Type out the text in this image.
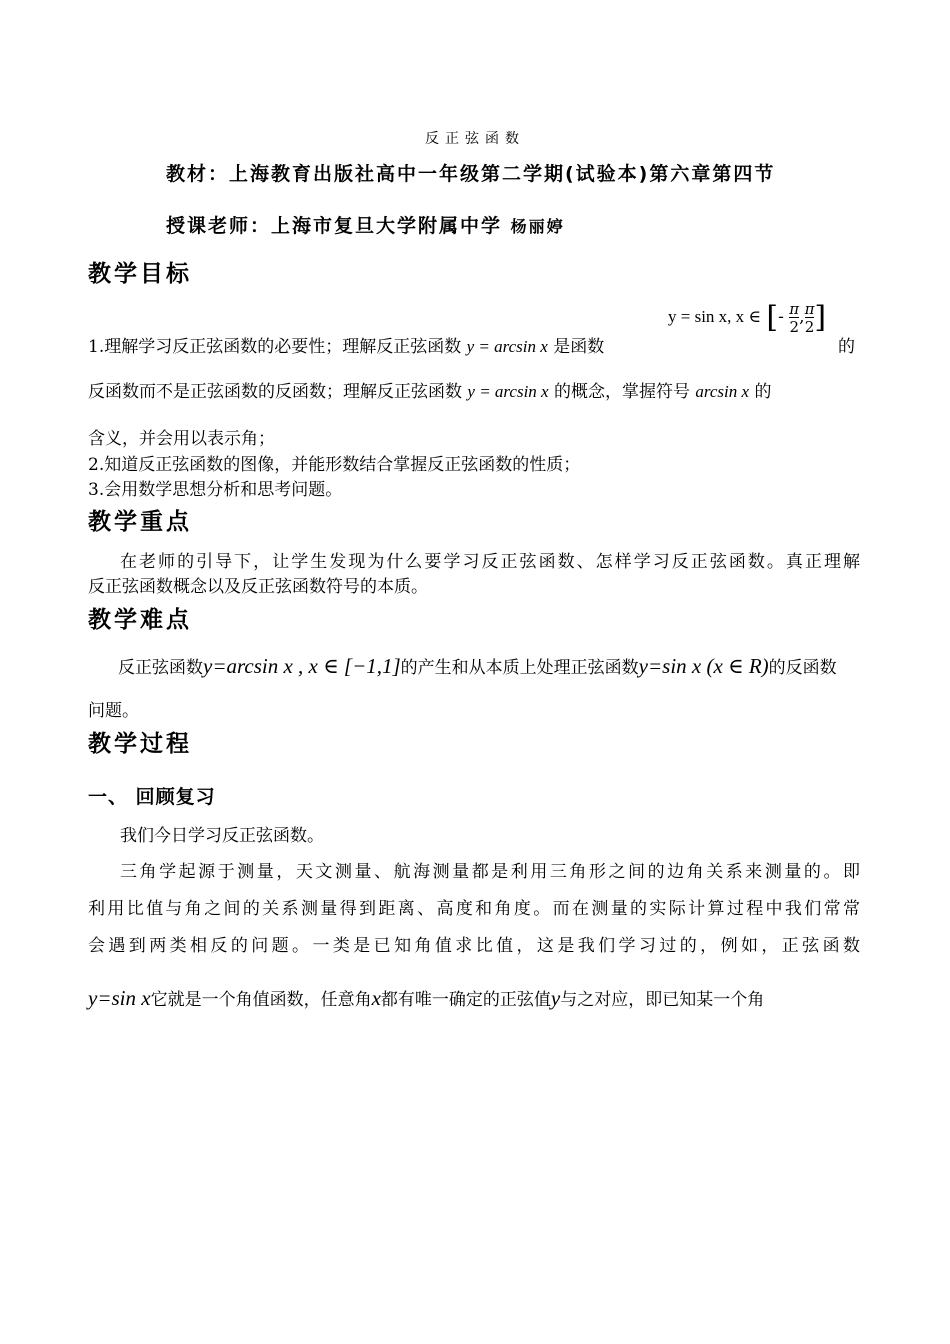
反正弦函数
教材：上海教育出版社高中一年级第二学期(试验本)第六章第四节
授课老师：上海市复旦大学附属中学 杨丽婷
教学目标
y = sin x, x ∈ [- $\frac{\pi}{2}$ , $\frac{\pi}{2}$ ]
1.理解学习反正弦函数的必要性；理解反正弦函数 y = arcsin x 是函数	的
反函数而不是正弦函数的反函数；理解反正弦函数 y = arcsin x 的概念，掌握符号 arcsin x 的
含义，并会用以表示角；
2.知道反正弦函数的图像，并能形数结合掌握反正弦函数的性质；
3.会用数学思想分析和思考问题。
教学重点
在老师的引导下，让学生发现为什么要学习反正弦函数、怎样学习反正弦函数。真正理解
反正弦函数概念以及反正弦函数符号的本质。
教学难点
反正弦函数y=arcsin x , x ∈ [−1,1]的产生和从本质上处理正弦函数y=sin x (x ∈ R)的反函数
问题。
教学过程
一、 回顾复习
我们今日学习反正弦函数。
三角学起源于测量，天文测量、航海测量都是利用三角形之间的边角关系来测量的。即
利用比值与角之间的关系测量得到距离、高度和角度。而在测量的实际计算过程中我们常常
会遇到两类相反的问题。一类是已知角值求比值，这是我们学习过的，例如，正弦函数
y=sin x它就是一个角值函数，任意角x都有唯一确定的正弦值y与之对应，即已知某一个角
